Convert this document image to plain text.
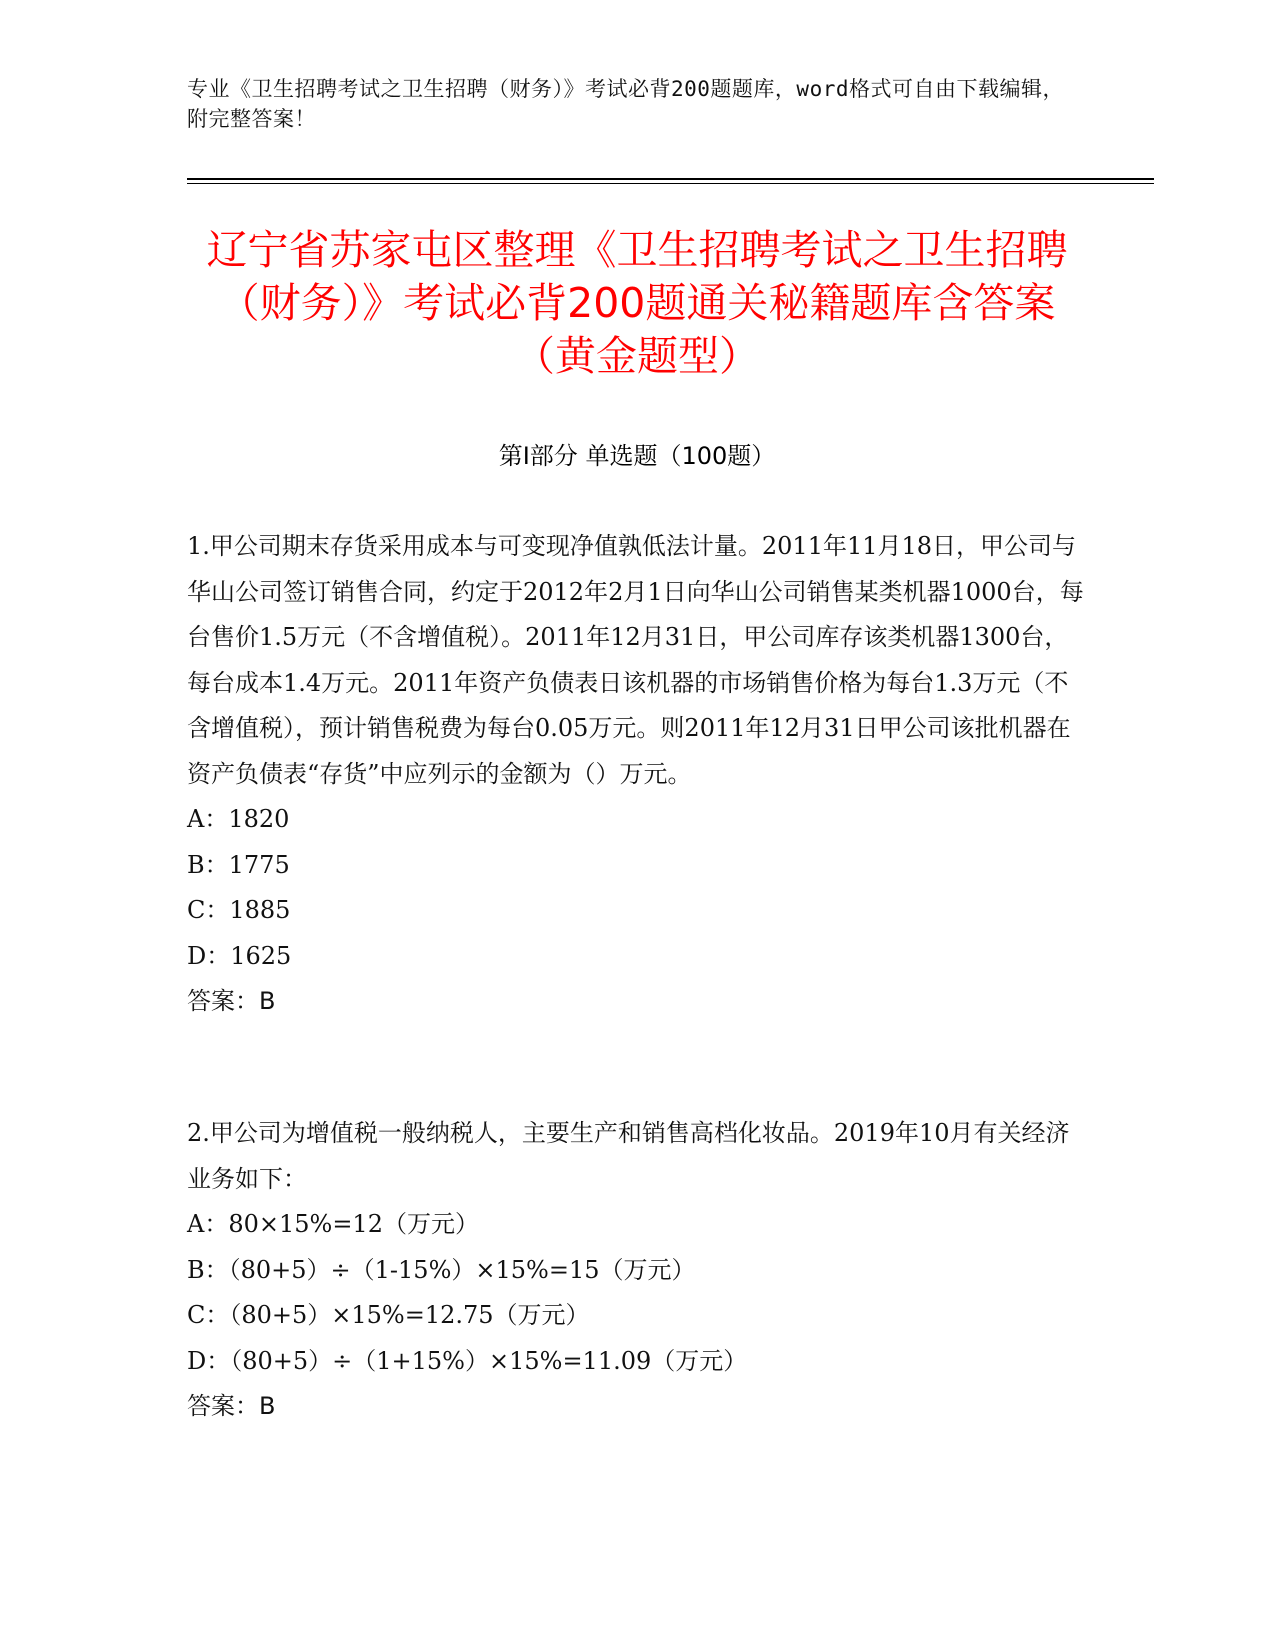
专业《卫生招聘考试之卫生招聘（财务）》考试必背200题题库，word格式可自由下载编辑，附完整答案！
辽宁省苏家屯区整理《卫生招聘考试之卫生招聘（财务）》考试必背200题通关秘籍题库含答案（黄金题型）
第Ⅰ部分 单选题（100题）

1.甲公司期末存货采用成本与可变现净值孰低法计量。2011年11月18日，甲公司与华山公司签订销售合同，约定于2012年2月1日向华山公司销售某类机器1000台，每台售价1.5万元（不含增值税）。2011年12月31日，甲公司库存该类机器1300台，每台成本1.4万元。2011年资产负债表日该机器的市场销售价格为每台1.3万元（不含增值税），预计销售税费为每台0.05万元。则2011年12月31日甲公司该批机器在资产负债表“存货”中应列示的金额为（）万元。

A：1820

B：1775

C：1885

D：1625

答案：B

2.甲公司为增值税一般纳税人，主要生产和销售高档化妆品。2019年10月有关经济业务如下：

A：80×15%=12（万元）

B：（80+5）÷（1-15%）×15%=15（万元）

C：（80+5）×15%=12.75（万元）

D：（80+5）÷（1+15%）×15%=11.09（万元）

答案：B
